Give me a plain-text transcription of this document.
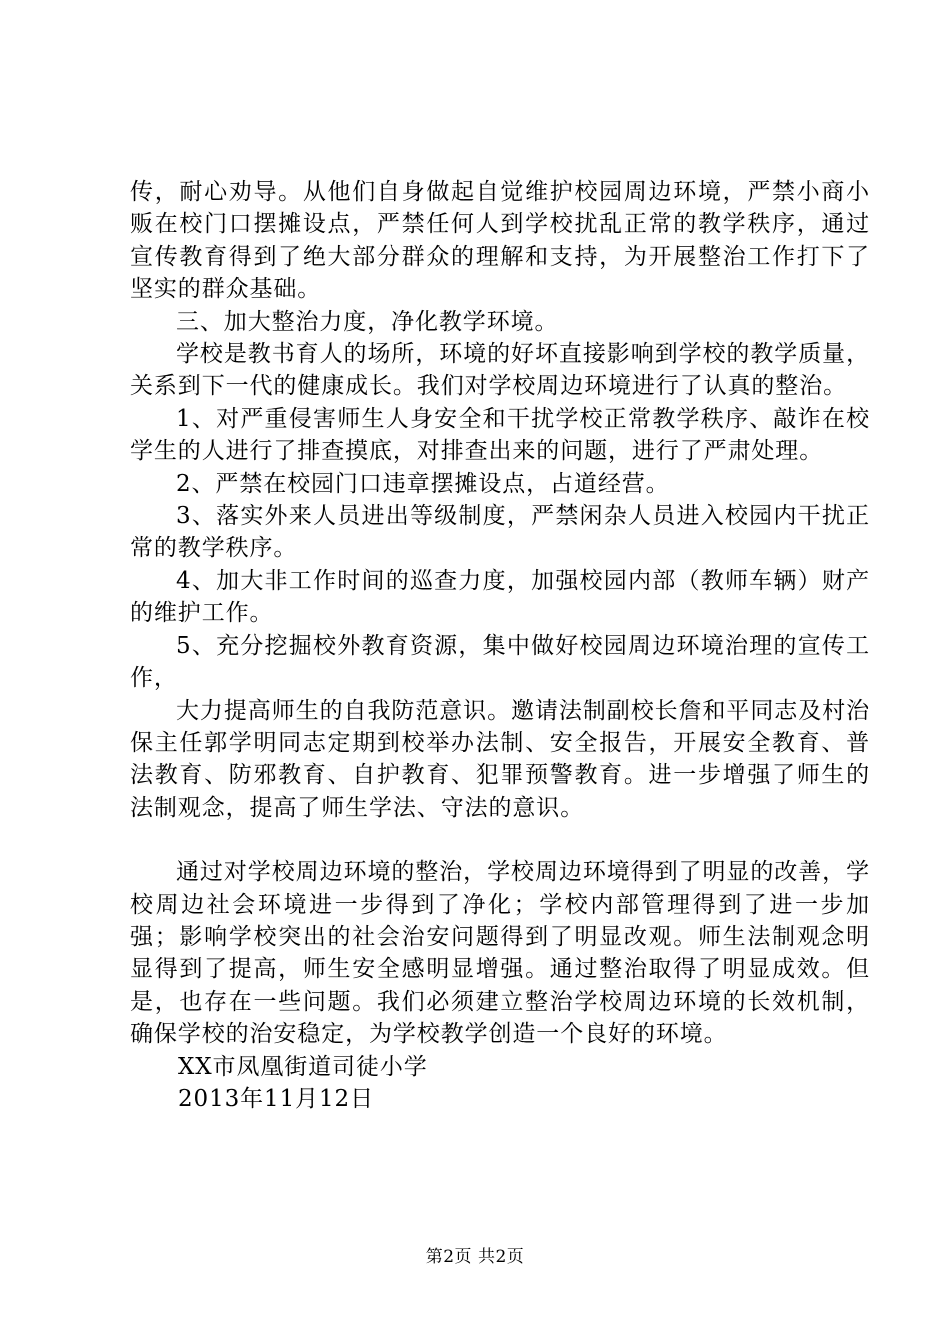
传，耐心劝导。从他们自身做起自觉维护校园周边环境，严禁小商小贩在校门口摆摊设点，严禁任何人到学校扰乱正常的教学秩序，通过宣传教育得到了绝大部分群众的理解和支持，为开展整治工作打下了坚实的群众基础。

三、加大整治力度，净化教学环境。

学校是教书育人的场所，环境的好坏直接影响到学校的教学质量，关系到下一代的健康成长。我们对学校周边环境进行了认真的整治。

1、对严重侵害师生人身安全和干扰学校正常教学秩序、敲诈在校学生的人进行了排查摸底，对排查出来的问题，进行了严肃处理。

2、严禁在校园门口违章摆摊设点，占道经营。

3、落实外来人员进出等级制度，严禁闲杂人员进入校园内干扰正常的教学秩序。

4、加大非工作时间的巡查力度，加强校园内部（教师车辆）财产的维护工作。

5、充分挖掘校外教育资源，集中做好校园周边环境治理的宣传工作，

大力提高师生的自我防范意识。邀请法制副校长詹和平同志及村治保主任郭学明同志定期到校举办法制、安全报告，开展安全教育、普法教育、防邪教育、自护教育、犯罪预警教育。进一步增强了师生的法制观念，提高了师生学法、守法的意识。

通过对学校周边环境的整治，学校周边环境得到了明显的改善，学校周边社会环境进一步得到了净化；学校内部管理得到了进一步加强；影响学校突出的社会治安问题得到了明显改观。师生法制观念明显得到了提高，师生安全感明显增强。通过整治取得了明显成效。但是，也存在一些问题。我们必须建立整治学校周边环境的长效机制，确保学校的治安稳定，为学校教学创造一个良好的环境。

XX市凤凰街道司徒小学

2013年11月12日

第2页 共2页
